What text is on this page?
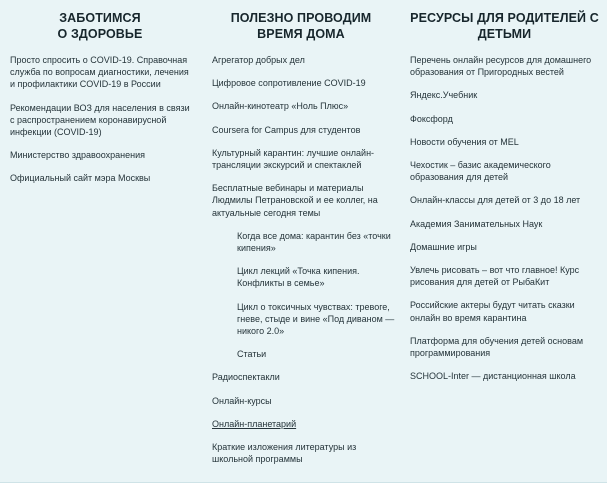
ЗАБОТИМСЯ
О ЗДОРОВЬЕ
Просто спросить о COVID-19. Справочная служба по вопросам диагностики, лечения и профилактики COVID-19 в России
Рекомендации ВОЗ для населения в связи с распространением коронавирусной инфекции (COVID-19)
Министерство здравоохранения
Официальный сайт мэра Москвы
ПОЛЕЗНО ПРОВОДИМ
ВРЕМЯ ДОМА
Агрегатор добрых дел
Цифровое сопротивление COVID-19
Онлайн-кинотеатр «Ноль Плюс»
Coursera for Campus для студентов
Культурный карантин: лучшие онлайн-трансляции экскурсий и спектаклей
Бесплатные вебинары и материалы Людмилы Петрановской и ее коллег, на актуальные сегодня темы
Когда все дома: карантин без «точки кипения»
Цикл лекций «Точка кипения. Конфликты в семье»
Цикл о токсичных чувствах: тревоге, гневе, стыде и вине «Под диваном — никого 2.0»
Статьи
Радиоспектакли
Онлайн-курсы
Онлайн-планетарий
Краткие изложения литературы из школьной программы
РЕСУРСЫ ДЛЯ РОДИТЕЛЕЙ С
ДЕТЬМИ
Перечень онлайн ресурсов для домашнего образования от Пригородных вестей
Яндекс.Учебник
Фоксфорд
Новости обучения от MEL
Чехостик – базис академического образования для детей
Онлайн-классы для детей от 3 до 18 лет
Академия Занимательных Наук
Домашние игры
Увлечь рисовать – вот что главное! Курс рисования для детей от РыбаКит
Российские актеры будут читать сказки онлайн во время карантина
Платформа для обучения детей основам программирования
SCHOOL-Inter — дистанционная школа
